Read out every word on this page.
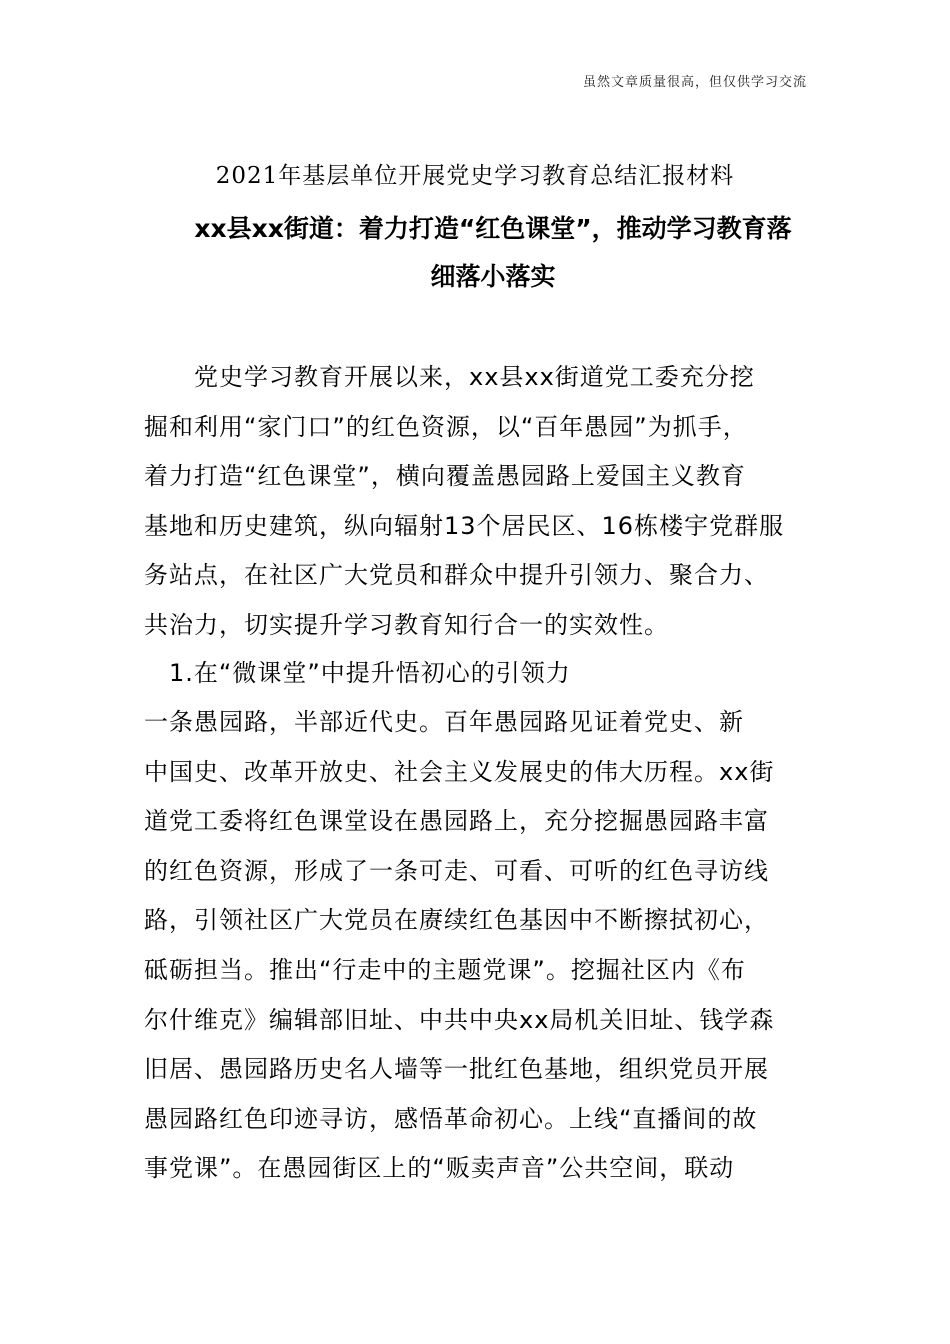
虽然文章质量很高，但仅供学习交流
2021年基层单位开展党史学习教育总结汇报材料
xx县xx街道：着力打造“红色课堂”，推动学习教育落
细落小落实
　　党史学习教育开展以来，xx县xx街道党工委充分挖
掘和利用“家门口”的红色资源，以“百年愚园”为抓手，
着力打造“红色课堂”，横向覆盖愚园路上爱国主义教育
基地和历史建筑，纵向辐射13个居民区、16栋楼宇党群服
务站点，在社区广大党员和群众中提升引领力、聚合力、
共治力，切实提升学习教育知行合一的实效性。
　1.在“微课堂”中提升悟初心的引领力
一条愚园路，半部近代史。百年愚园路见证着党史、新
中国史、改革开放史、社会主义发展史的伟大历程。xx街
道党工委将红色课堂设在愚园路上，充分挖掘愚园路丰富
的红色资源，形成了一条可走、可看、可听的红色寻访线
路，引领社区广大党员在赓续红色基因中不断擦拭初心，
砥砺担当。推出“行走中的主题党课”。挖掘社区内《布
尔什维克》编辑部旧址、中共中央xx局机关旧址、钱学森
旧居、愚园路历史名人墙等一批红色基地，组织党员开展
愚园路红色印迹寻访，感悟革命初心。上线“直播间的故
事党课”。在愚园街区上的“贩卖声音”公共空间，联动
